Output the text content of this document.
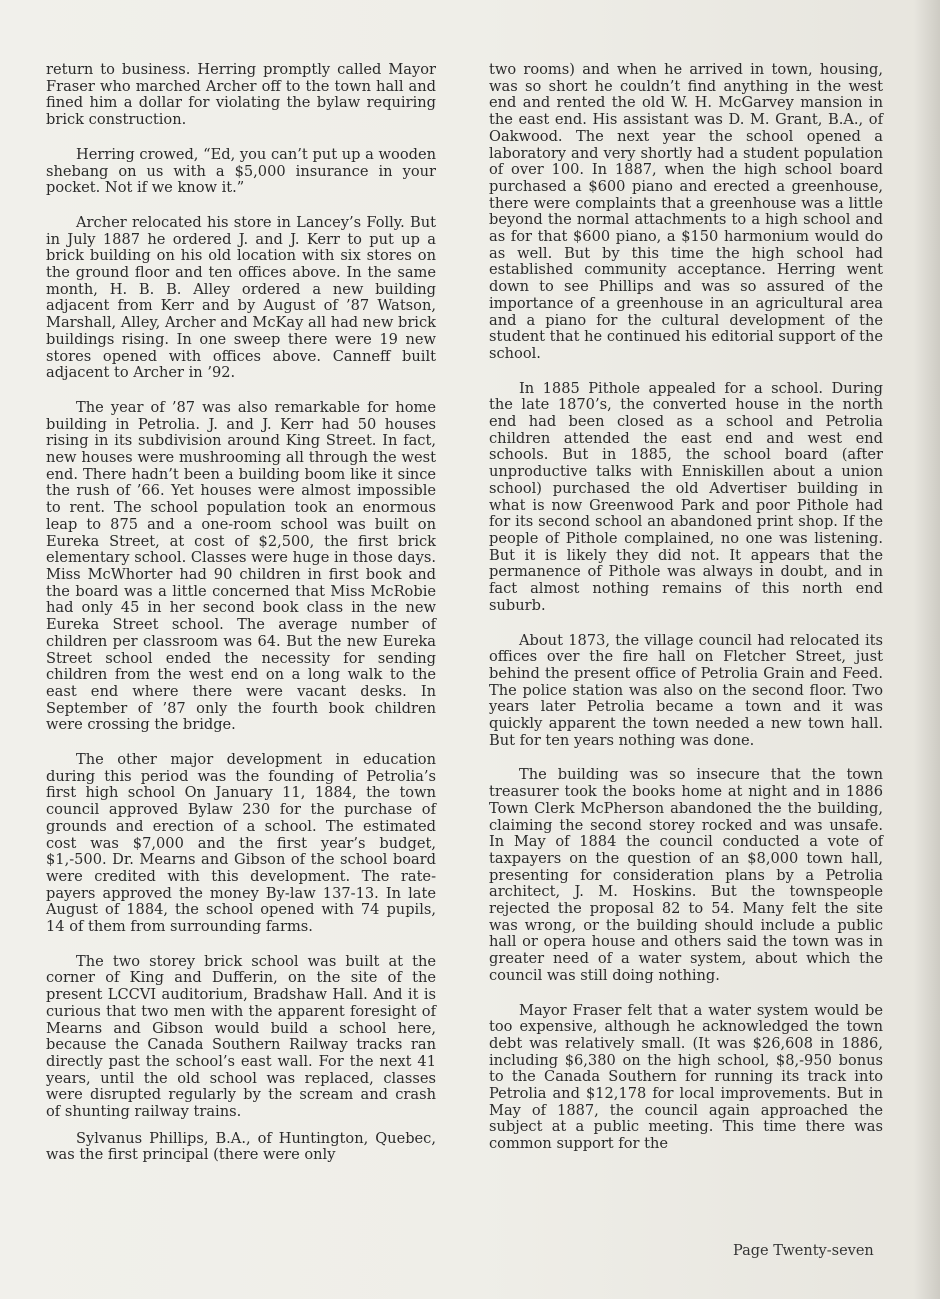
return to business. Herring promptly called Mayor Fraser who marched Archer off to the town hall and fined him a dollar for violating the bylaw requiring brick construction.

Herring crowed, “Ed, you can’t put up a wooden shebang on us with a $5,000 insurance in your pocket. Not if we know it.”

Archer relocated his store in Lancey’s Folly. But in July 1887 he ordered J. and J. Kerr to put up a brick building on his old location with six stores on the ground floor and ten offices above. In the same month, H. B. B. Alley ordered a new building adjacent from Kerr and by August of ’87 Watson, Marshall, Alley, Archer and McKay all had new brick buildings rising. In one sweep there were 19 new stores opened with offices above. Canneff built adjacent to Archer in ’92.

The year of ’87 was also remarkable for home building in Petrolia. J. and J. Kerr had 50 houses rising in its subdivision around King Street. In fact, new houses were mushrooming all through the west end. There hadn’t been a building boom like it since the rush of ’66. Yet houses were almost impossible to rent. The school population took an enormous leap to 875 and a one-room school was built on Eureka Street, at cost of $2,500, the first brick elementary school. Classes were huge in those days. Miss McWhorter had 90 children in first book and the board was a little concerned that Miss McRobie had only 45 in her second book class in the new Eureka Street school. The average number of children per classroom was 64. But the new Eureka Street school ended the necessity for sending children from the west end on a long walk to the east end where there were vacant desks. In September of ’87 only the fourth book children were crossing the bridge.

The other major development in education during this period was the founding of Petrolia’s first high school On January 11, 1884, the town council approved Bylaw 230 for the purchase of grounds and erection of a school. The estimated cost was $7,000 and the first year’s budget, $1,-500. Dr. Mearns and Gibson of the school board were credited with this development. The rate-payers approved the money By-law 137-13. In late August of 1884, the school opened with 74 pupils, 14 of them from surrounding farms.

The two storey brick school was built at the corner of King and Dufferin, on the site of the present LCCVI auditorium, Bradshaw Hall. And it is curious that two men with the apparent foresight of Mearns and Gibson would build a school here, because the Canada Southern Railway tracks ran directly past the school’s east wall. For the next 41 years, until the old school was replaced, classes were disrupted regularly by the scream and crash of shunting railway trains.

Sylvanus Phillips, B.A., of Huntington, Quebec, was the first principal (there were only

two rooms) and when he arrived in town, housing, was so short he couldn’t find anything in the west end and rented the old W. H. McGarvey mansion in the east end. His assistant was D. M. Grant, B.A., of Oakwood. The next year the school opened a laboratory and very shortly had a student population of over 100. In 1887, when the high school board purchased a $600 piano and erected a greenhouse, there were complaints that a greenhouse was a little beyond the normal attachments to a high school and as for that $600 piano, a $150 harmonium would do as well. But by this time the high school had established community acceptance. Herring went down to see Phillips and was so assured of the importance of a greenhouse in an agricultural area and a piano for the cultural development of the student that he continued his editorial support of the school.

In 1885 Pithole appealed for a school. During the late 1870’s, the converted house in the north end had been closed as a school and Petrolia children attended the east end and west end schools. But in 1885, the school board (after unproductive talks with Enniskillen about a union school) purchased the old Advertiser building in what is now Greenwood Park and poor Pithole had for its second school an abandoned print shop. If the people of Pithole complained, no one was listening. But it is likely they did not. It appears that the permanence of Pithole was always in doubt, and in fact almost nothing remains of this north end suburb.

About 1873, the village council had relocated its offices over the fire hall on Fletcher Street, just behind the present office of Petrolia Grain and Feed. The police station was also on the second floor. Two years later Petrolia became a town and it was quickly apparent the town needed a new town hall. But for ten years nothing was done.

The building was so insecure that the town treasurer took the books home at night and in 1886 Town Clerk McPherson abandoned the the building, claiming the second storey rocked and was unsafe. In May of 1884 the council conducted a vote of taxpayers on the question of an $8,000 town hall, presenting for consideration plans by a Petrolia architect, J. M. Hoskins. But the townspeople rejected the proposal 82 to 54. Many felt the site was wrong, or the building should include a public hall or opera house and others said the town was in greater need of a water system, about which the council was still doing nothing.

Mayor Fraser felt that a water system would be too expensive, although he acknowledged the town debt was relatively small. (It was $26,608 in 1886, including $6,380 on the high school, $8,-950 bonus to the Canada Southern for running its track into Petrolia and $12,178 for local improvements. But in May of 1887, the council again approached the subject at a public meeting. This time there was common support for the

Page Twenty-seven
